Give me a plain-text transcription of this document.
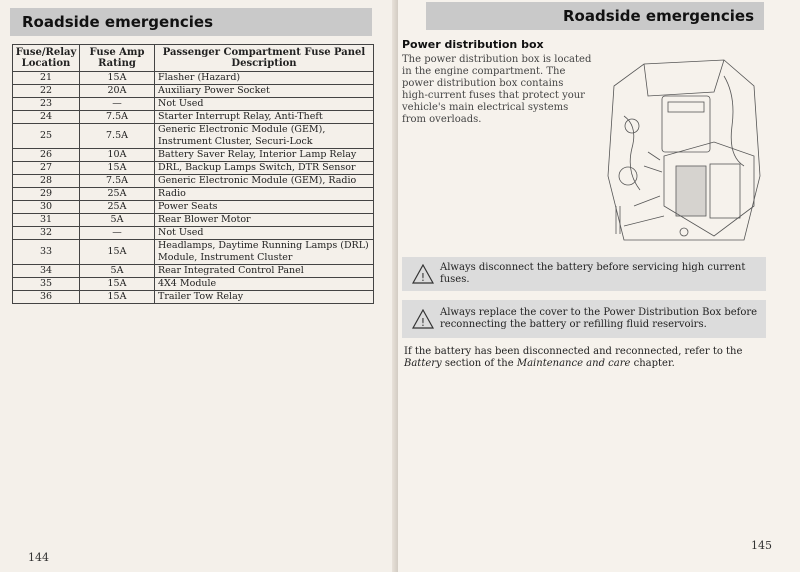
Roadside emergencies
Fuse/Relay Location	Fuse Amp Rating	Passenger Compartment Fuse Panel Description
21	15A	Flasher (Hazard)
22	20A	Auxiliary Power Socket
23	—	Not Used
24	7.5A	Starter Interrupt Relay, Anti-Theft
25	7.5A	Generic Electronic Module (GEM), Instrument Cluster, Securi-Lock
26	10A	Battery Saver Relay, Interior Lamp Relay
27	15A	DRL, Backup Lamps Switch, DTR Sensor
28	7.5A	Generic Electronic Module (GEM), Radio
29	25A	Radio
30	25A	Power Seats
31	5A	Rear Blower Motor
32	—	Not Used
33	15A	Headlamps, Daytime Running Lamps (DRL) Module, Instrument Cluster
34	5A	Rear Integrated Control Panel
35	15A	4X4 Module
36	15A	Trailer Tow Relay
144
Roadside emergencies
Power distribution box
The power distribution box is located in the engine compartment. The power distribution box contains high-current fuses that protect your vehicle's main electrical systems from overloads.
!
Always disconnect the battery before servicing high current fuses.
!
Always replace the cover to the Power Distribution Box before reconnecting the battery or refilling fluid reservoirs.
If the battery has been disconnected and reconnected, refer to the Battery section of the Maintenance and care chapter.
145
